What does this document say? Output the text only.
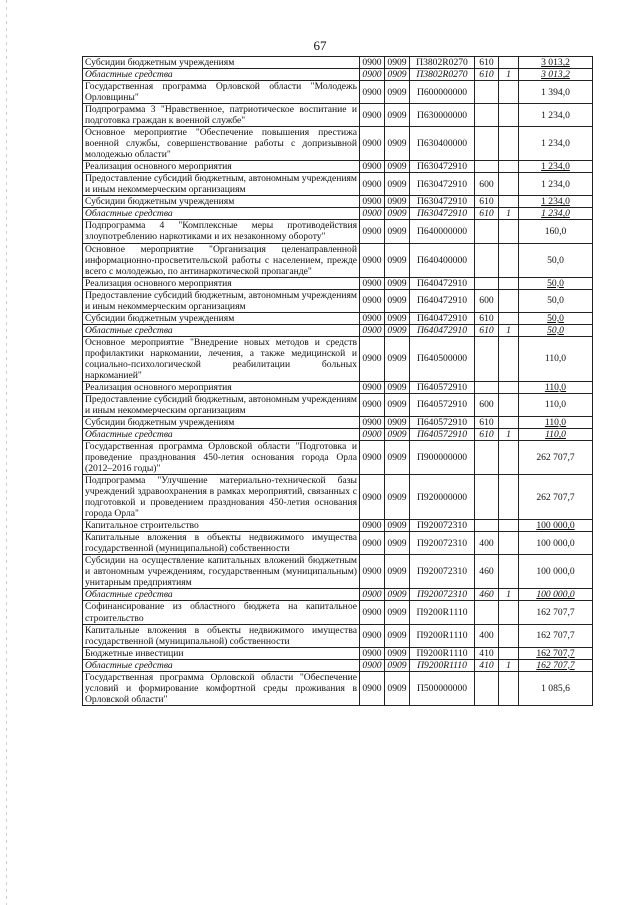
67
Субсидии бюджетным учреждениям	0900	0909	П3802R0270	610		3 013,2
Областные средства	0900	0909	П3802R0270	610	1	3 013,2
Государственная программа Орловской области "Молодежь Орловщины"	0900	0909	П600000000			1 394,0
Подпрограмма 3 "Нравственное, патриотическое воспитание и подготовка граждан к военной службе"	0900	0909	П630000000			1 234,0
Основное мероприятие "Обеспечение повышения престижа военной службы, совершенствование работы с допризывной молодежью области"	0900	0909	П630400000			1 234,0
Реализация основного мероприятия	0900	0909	П630472910			1 234,0
Предоставление субсидий бюджетным, автономным учреждениям и иным некоммерческим организациям	0900	0909	П630472910	600		1 234,0
Субсидии бюджетным учреждениям	0900	0909	П630472910	610		1 234,0
Областные средства	0900	0909	П630472910	610	1	1 234,0
Подпрограмма 4 "Комплексные меры противодействия злоупотреблению наркотиками и их незаконному обороту"	0900	0909	П640000000			160,0
Основное мероприятие "Организация целенаправленной информационно-просветительской работы с населением, прежде всего с молодежью, по антинаркотической пропаганде"	0900	0909	П640400000			50,0
Реализация основного мероприятия	0900	0909	П640472910			50,0
Предоставление субсидий бюджетным, автономным учреждениям и иным некоммерческим организациям	0900	0909	П640472910	600		50,0
Субсидии бюджетным учреждениям	0900	0909	П640472910	610		50,0
Областные средства	0900	0909	П640472910	610	1	50,0
Основное мероприятие "Внедрение новых методов и средств профилактики наркомании, лечения, а также медицинской и социально-психологической реабилитации больных наркоманией"	0900	0909	П640500000			110,0
Реализация основного мероприятия	0900	0909	П640572910			110,0
Предоставление субсидий бюджетным, автономным учреждениям и иным некоммерческим организациям	0900	0909	П640572910	600		110,0
Субсидии бюджетным учреждениям	0900	0909	П640572910	610		110,0
Областные средства	0900	0909	П640572910	610	1	110,0
Государственная программа Орловской области "Подготовка и проведение празднования 450-летия основания города Орла (2012–2016 годы)"	0900	0909	П900000000			262 707,7
Подпрограмма "Улучшение материально-технической базы учреждений здравоохранения в рамках мероприятий, связанных с подготовкой и проведением празднования 450-летия основания города Орла"	0900	0909	П920000000			262 707,7
Капитальное строительство	0900	0909	П920072310			100 000,0
Капитальные вложения в объекты недвижимого имущества государственной (муниципальной) собственности	0900	0909	П920072310	400		100 000,0
Субсидии на осуществление капитальных вложений бюджетным и автономным учреждениям, государственным (муниципальным) унитарным предприятиям	0900	0909	П920072310	460		100 000,0
Областные средства	0900	0909	П920072310	460	1	100 000,0
Софинансирование из областного бюджета на капитальное строительство	0900	0909	П9200R1110			162 707,7
Капитальные вложения в объекты недвижимого имущества государственной (муниципальной) собственности	0900	0909	П9200R1110	400		162 707,7
Бюджетные инвестиции	0900	0909	П9200R1110	410		162 707,7
Областные средства	0900	0909	П9200R1110	410	1	162 707,7
Государственная программа Орловской области "Обеспечение условий и формирование комфортной среды проживания в Орловской области"	0900	0909	П500000000			1 085,6
